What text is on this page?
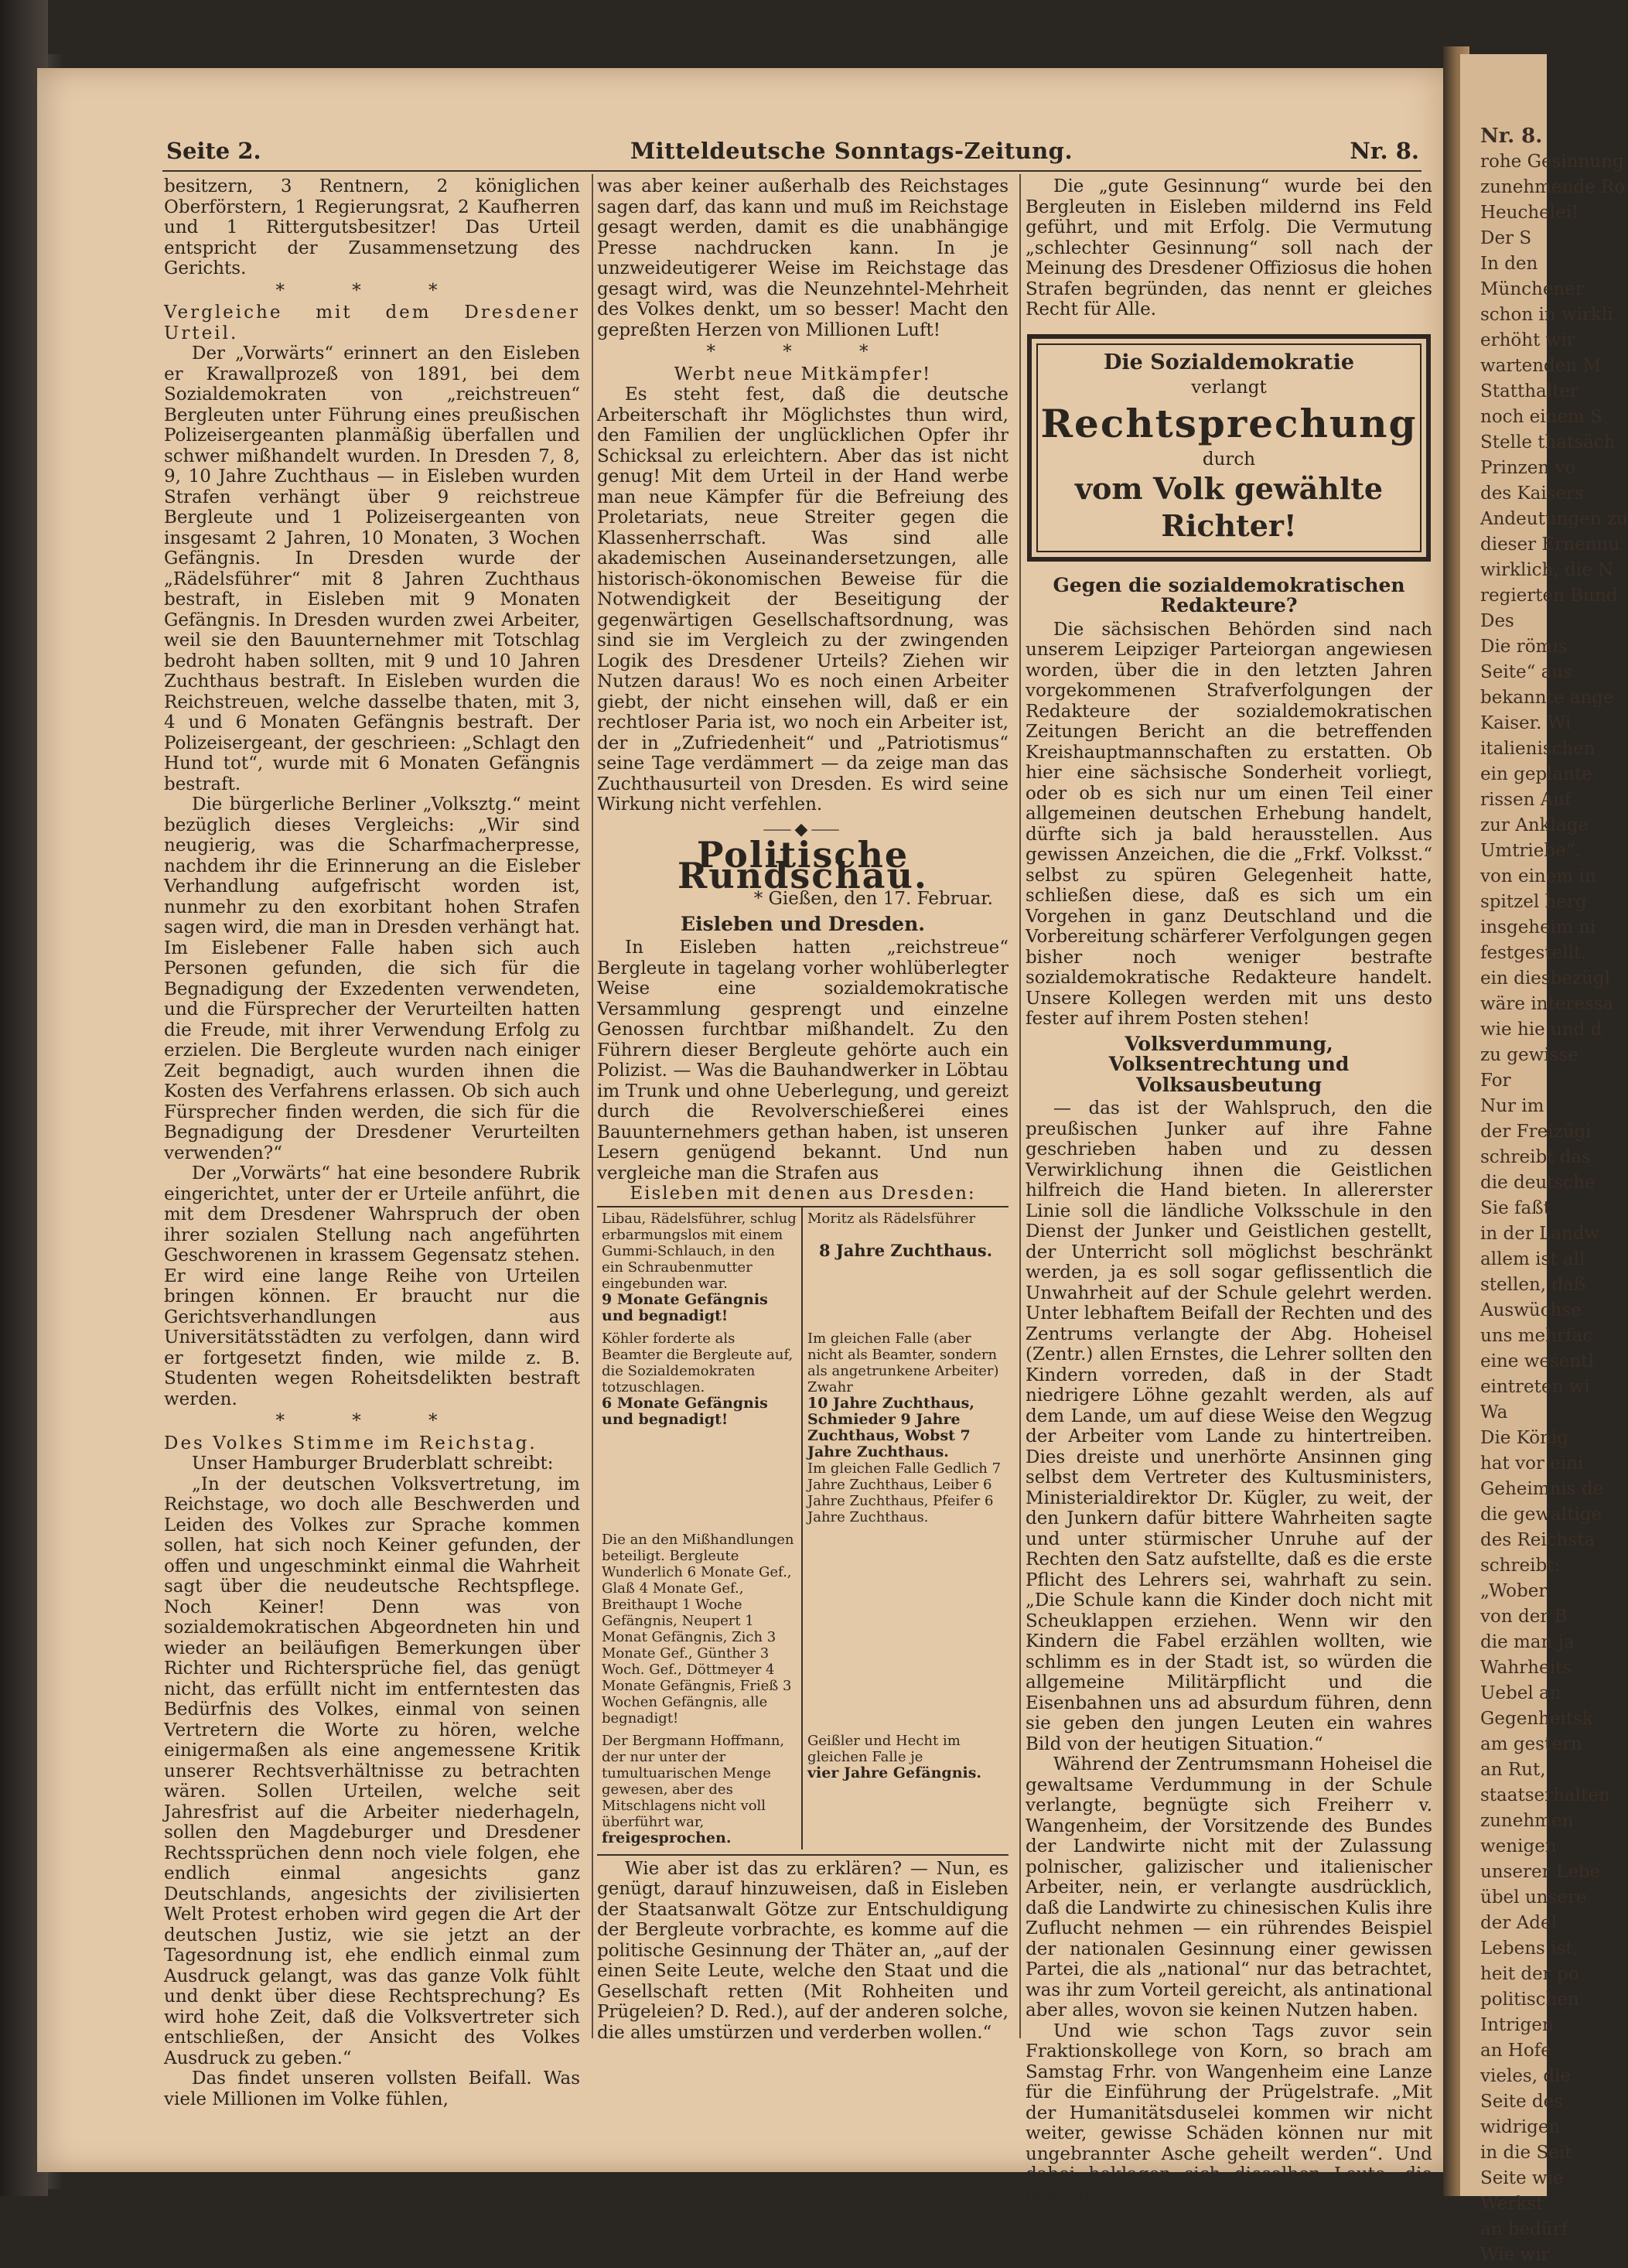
Seite 2.	Mitteldeutsche Sonntags-Zeitung.	Nr. 8.

besitzern, 3 Rentnern, 2 königlichen Oberförstern, 1 Regierungsrat, 2 Kaufherren und 1 Rittergutsbesitzer! Das Urteil entspricht der Zusammensetzung des Gerichts.

* * *

Vergleiche mit dem Dresdener Urteil.

Der „Vorwärts“ erinnert an den Eisleben er Krawallprozeß von 1891, bei dem Sozialdemokraten von „reichstreuen“ Bergleuten unter Führung eines preußischen Polizeisergeanten planmäßig überfallen und schwer mißhandelt wurden. In Dresden 7, 8, 9, 10 Jahre Zuchthaus — in Eisleben wurden Strafen verhängt über 9 reichstreue Bergleute und 1 Polizeisergeanten von insgesamt 2 Jahren, 10 Monaten, 3 Wochen Gefängnis. In Dresden wurde der „Rädelsführer“ mit 8 Jahren Zuchthaus bestraft, in Eisleben mit 9 Monaten Gefängnis. In Dresden wurden zwei Arbeiter, weil sie den Bauunternehmer mit Totschlag bedroht haben sollten, mit 9 und 10 Jahren Zuchthaus bestraft. In Eisleben wurden die Reichstreuen, welche dasselbe thaten, mit 3, 4 und 6 Monaten Gefängnis bestraft. Der Polizeisergeant, der geschrieen: „Schlagt den Hund tot“, wurde mit 6 Monaten Gefängnis bestraft.

Die bürgerliche Berliner „Volksztg.“ meint bezüglich dieses Vergleichs: „Wir sind neugierig, was die Scharfmacherpresse, nachdem ihr die Erinnerung an die Eisleber Verhandlung aufgefrischt worden ist, nunmehr zu den exorbitant hohen Strafen sagen wird, die man in Dresden verhängt hat. Im Eislebener Falle haben sich auch Personen gefunden, die sich für die Begnadigung der Exzedenten verwendeten, und die Fürsprecher der Verurteilten hatten die Freude, mit ihrer Verwendung Erfolg zu erzielen. Die Bergleute wurden nach einiger Zeit begnadigt, auch wurden ihnen die Kosten des Verfahrens erlassen. Ob sich auch Fürsprecher finden werden, die sich für die Begnadigung der Dresdener Verurteilten verwenden?“

Der „Vorwärts“ hat eine besondere Rubrik eingerichtet, unter der er Urteile anführt, die mit dem Dresdener Wahrspruch der oben ihrer sozialen Stellung nach angeführten Geschworenen in krassem Gegensatz stehen. Er wird eine lange Reihe von Urteilen bringen können. Er braucht nur die Gerichtsverhandlungen aus Universitätsstädten zu verfolgen, dann wird er fortgesetzt finden, wie milde z. B. Studenten wegen Roheitsdelikten bestraft werden.

* * *

Des Volkes Stimme im Reichstag.

Unser Hamburger Bruderblatt schreibt:

„In der deutschen Volksvertretung, im Reichstage, wo doch alle Beschwerden und Leiden des Volkes zur Sprache kommen sollen, hat sich noch Keiner gefunden, der offen und ungeschminkt einmal die Wahrheit sagt über die neudeutsche Rechtspflege. Noch Keiner! Denn was von sozialdemokratischen Abgeordneten hin und wieder an beiläufigen Bemerkungen über Richter und Richtersprüche fiel, das genügt nicht, das erfüllt nicht im entferntesten das Bedürfnis des Volkes, einmal von seinen Vertretern die Worte zu hören, welche einigermaßen als eine angemessene Kritik unserer Rechtsverhältnisse zu betrachten wären. Sollen Urteilen, welche seit Jahresfrist auf die Arbeiter niederhageln, sollen den Magdeburger und Dresdener Rechtssprüchen denn noch viele folgen, ehe endlich einmal angesichts ganz Deutschlands, angesichts der zivilisierten Welt Protest erhoben wird gegen die Art der deutschen Justiz, wie sie jetzt an der Tagesordnung ist, ehe endlich einmal zum Ausdruck gelangt, was das ganze Volk fühlt und denkt über diese Rechtsprechung? Es wird hohe Zeit, daß die Volksvertreter sich entschließen, der Ansicht des Volkes Ausdruck zu geben.“

Das findet unseren vollsten Beifall. Was viele Millionen im Volke fühlen,

was aber keiner außerhalb des Reichstages sagen darf, das kann und muß im Reichstage gesagt werden, damit es die unabhängige Presse nachdrucken kann. In je unzweideutigerer Weise im Reichstage das gesagt wird, was die Neunzehntel-Mehrheit des Volkes denkt, um so besser! Macht den gepreßten Herzen von Millionen Luft!

* * *
Werbt neue Mitkämpfer!

Es steht fest, daß die deutsche Arbeiterschaft ihr Möglichstes thun wird, den Familien der unglücklichen Opfer ihr Schicksal zu erleichtern. Aber das ist nicht genug! Mit dem Urteil in der Hand werbe man neue Kämpfer für die Befreiung des Proletariats, neue Streiter gegen die Klassenherrschaft. Was sind alle akademischen Auseinandersetzungen, alle historisch-ökonomischen Beweise für die Notwendigkeit der Beseitigung der gegenwärtigen Gesellschaftsordnung, was sind sie im Vergleich zu der zwingenden Logik des Dresdener Urteils? Ziehen wir Nutzen daraus! Wo es noch einen Arbeiter giebt, der nicht einsehen will, daß er ein rechtloser Paria ist, wo noch ein Arbeiter ist, der in „Zufriedenheit“ und „Patriotismus“ seine Tage verdämmert — da zeige man das Zuchthausurteil von Dresden. Es wird seine Wirkung nicht verfehlen.

⸺◆⸺
Politische Rundschau.
* Gießen, den 17. Februar.
Eisleben und Dresden.

In Eisleben hatten „reichstreue“ Bergleute in tagelang vorher wohlüberlegter Weise eine sozialdemokratische Versammlung gesprengt und einzelne Genossen furchtbar mißhandelt. Zu den Führern dieser Bergleute gehörte auch ein Polizist. — Was die Bauhandwerker in Löbtau im Trunk und ohne Ueberlegung, und gereizt durch die Revolverschießerei eines Bauunternehmers gethan haben, ist unseren Lesern genügend bekannt. Und nun vergleiche man die Strafen aus

Eisleben mit denen aus Dresden:
Libau, Rädelsführer, schlug erbarmungslos mit einem Gummi-Schlauch, in den ein Schraubenmutter eingebunden war.
9 Monate Gefängnis und begnadigt!
Moritz als Rädelsführer
8 Jahre Zuchthaus.
Köhler forderte als Beamter die Bergleute auf, die Sozialdemokraten totzuschlagen.
6 Monate Gefängnis und begnadigt!
Im gleichen Falle (aber nicht als Beamter, sondern als angetrunkene Arbeiter) Zwahr
10 Jahre Zuchthaus, Schmieder 9 Jahre Zuchthaus, Wobst 7 Jahre Zuchthaus.
Im gleichen Falle Gedlich 7 Jahre Zuchthaus, Leiber 6 Jahre Zuchthaus, Pfeifer 6 Jahre Zuchthaus.
Die an den Mißhandlungen beteiligt. Bergleute Wunderlich 6 Monate Gef., Glaß 4 Monate Gef., Breithaupt 1 Woche Gefängnis, Neupert 1 Monat Gefängnis, Zich 3 Monate Gef., Günther 3 Woch. Gef., Döttmeyer 4 Monate Gefängnis, Frieß 3 Wochen Gefängnis, alle begnadigt!
Der Bergmann Hoffmann, der nur unter der tumultuarischen Menge gewesen, aber des Mitschlagens nicht voll überführt war,
freigesprochen.
Geißler und Hecht im gleichen Falle je
vier Jahre Gefängnis.

Wie aber ist das zu erklären? — Nun, es genügt, darauf hinzuweisen, daß in Eisleben der Staatsanwalt Götze zur Entschuldigung der Bergleute vorbrachte, es komme auf die politische Gesinnung der Thäter an, „auf der einen Seite Leute, welche den Staat und die Gesellschaft retten (Mit Rohheiten und Prügeleien? D. Red.), auf der anderen solche, die alles umstürzen und verderben wollen.“

Die „gute Gesinnung“ wurde bei den Bergleuten in Eisleben mildernd ins Feld geführt, und mit Erfolg. Die Vermutung „schlechter Gesinnung“ soll nach der Meinung des Dresdener Offiziosus die hohen Strafen begründen, das nennt er gleiches Recht für Alle.

Die Sozialdemokratie
verlangt
Rechtsprechung
durch
vom Volk gewählte Richter!
Gegen die sozialdemokratischen Redakteure?

Die sächsischen Behörden sind nach unserem Leipziger Parteiorgan angewiesen worden, über die in den letzten Jahren vorgekommenen Strafverfolgungen der Redakteure der sozialdemokratischen Zeitungen Bericht an die betreffenden Kreishauptmannschaften zu erstatten. Ob hier eine sächsische Sonderheit vorliegt, oder ob es sich nur um einen Teil einer allgemeinen deutschen Erhebung handelt, dürfte sich ja bald herausstellen. Aus gewissen Anzeichen, die die „Frkf. Volksst.“ selbst zu spüren Gelegenheit hatte, schließen diese, daß es sich um ein Vorgehen in ganz Deutschland und die Vorbereitung schärferer Verfolgungen gegen bisher noch weniger bestrafte sozialdemokratische Redakteure handelt. Unsere Kollegen werden mit uns desto fester auf ihrem Posten stehen!

Volksverdummung, Volksentrechtung und Volksausbeutung

— das ist der Wahlspruch, den die preußischen Junker auf ihre Fahne geschrieben haben und zu dessen Verwirklichung ihnen die Geistlichen hilfreich die Hand bieten. In allererster Linie soll die ländliche Volksschule in den Dienst der Junker und Geistlichen gestellt, der Unterricht soll möglichst beschränkt werden, ja es soll sogar geflissentlich die Unwahrheit auf der Schule gelehrt werden. Unter lebhaftem Beifall der Rechten und des Zentrums verlangte der Abg. Hoheisel (Zentr.) allen Ernstes, die Lehrer sollten den Kindern vorreden, daß in der Stadt niedrigere Löhne gezahlt werden, als auf dem Lande, um auf diese Weise den Wegzug der Arbeiter vom Lande zu hintertreiben. Dies dreiste und unerhörte Ansinnen ging selbst dem Vertreter des Kultusministers, Ministerialdirektor Dr. Kügler, zu weit, der den Junkern dafür bittere Wahrheiten sagte und unter stürmischer Unruhe auf der Rechten den Satz aufstellte, daß es die erste Pflicht des Lehrers sei, wahrhaft zu sein. „Die Schule kann die Kinder doch nicht mit Scheuklappen erziehen. Wenn wir den Kindern die Fabel erzählen wollten, wie schlimm es in der Stadt ist, so würden die allgemeine Militärpflicht und die Eisenbahnen uns ad absurdum führen, denn sie geben den jungen Leuten ein wahres Bild von der heutigen Situation.“

Während der Zentrumsmann Hoheisel die gewaltsame Verdummung in der Schule verlangte, begnügte sich Freiherr v. Wangenheim, der Vorsitzende des Bundes der Landwirte nicht mit der Zulassung polnischer, galizischer und italienischer Arbeiter, nein, er verlangte ausdrücklich, daß die Landwirte zu chinesischen Kulis ihre Zuflucht nehmen — ein rührendes Beispiel der nationalen Gesinnung einer gewissen Partei, die als „national“ nur das betrachtet, was ihr zum Vorteil gereicht, als antinational aber alles, wovon sie keinen Nutzen haben.

Und wie schon Tags zuvor sein Fraktionskollege von Korn, so brach am Samstag Frhr. von Wangenheim eine Lanze für die Einführung der Prügelstrafe. „Mit der Humanitätsduselei kommen wir nicht weiter, gewisse Schäden können nur mit ungebrannter Asche geheilt werden“. Und dabei beklagen sich dieselben Leute, die eine so

Nr. 8.
rohe Gesinnung
zunehmende Ro
Heuchelei!
Der S
In den
Münchener
schon in wirkli
erhöht wir
wartenden M
Statthalter
noch einem S
Stelle thatsäch
Prinzen vo
des Kaisers
Andeutungen zu
dieser Ernennu
wirklich, die N
regierten Bund
Des
Die römis
Seite“ aus
bekannte ange
Kaiser. Wi
italienischen
ein geplante
rissen Auf
zur Anklage
Umtriebe“.
von einem in
spitzel herg
insgeheim ni
festgestellt.
ein diesbezügl
wäre interessa
wie hie und d
zu gewisse
For
Nur im
der Freizügi
schreibt das
die deutsche
Sie faßt
in der Landw
allem ist all
stellen, daß
Auswüchse
uns mehrfac
eine wesentl
eintreten wi
Wa
Die König
hat vor eini
Geheimnis de
die gewaltige
des Reichsta
schreibt:
„Wober
von der B
die man ja
Wahrheits
Uebel an
Gegenheitsk
am gestern
an Rut,
staatserhalten
zunehmen
wenigen
unserer Lebe
übel unsere
der Adel
Lebens ist,
heit der po
politischen
Intrigen
an Hofe
vieles, die
Seite des
widrigen
in die Seit
Seite wie
Werkst
an bedürf
Wie wir
